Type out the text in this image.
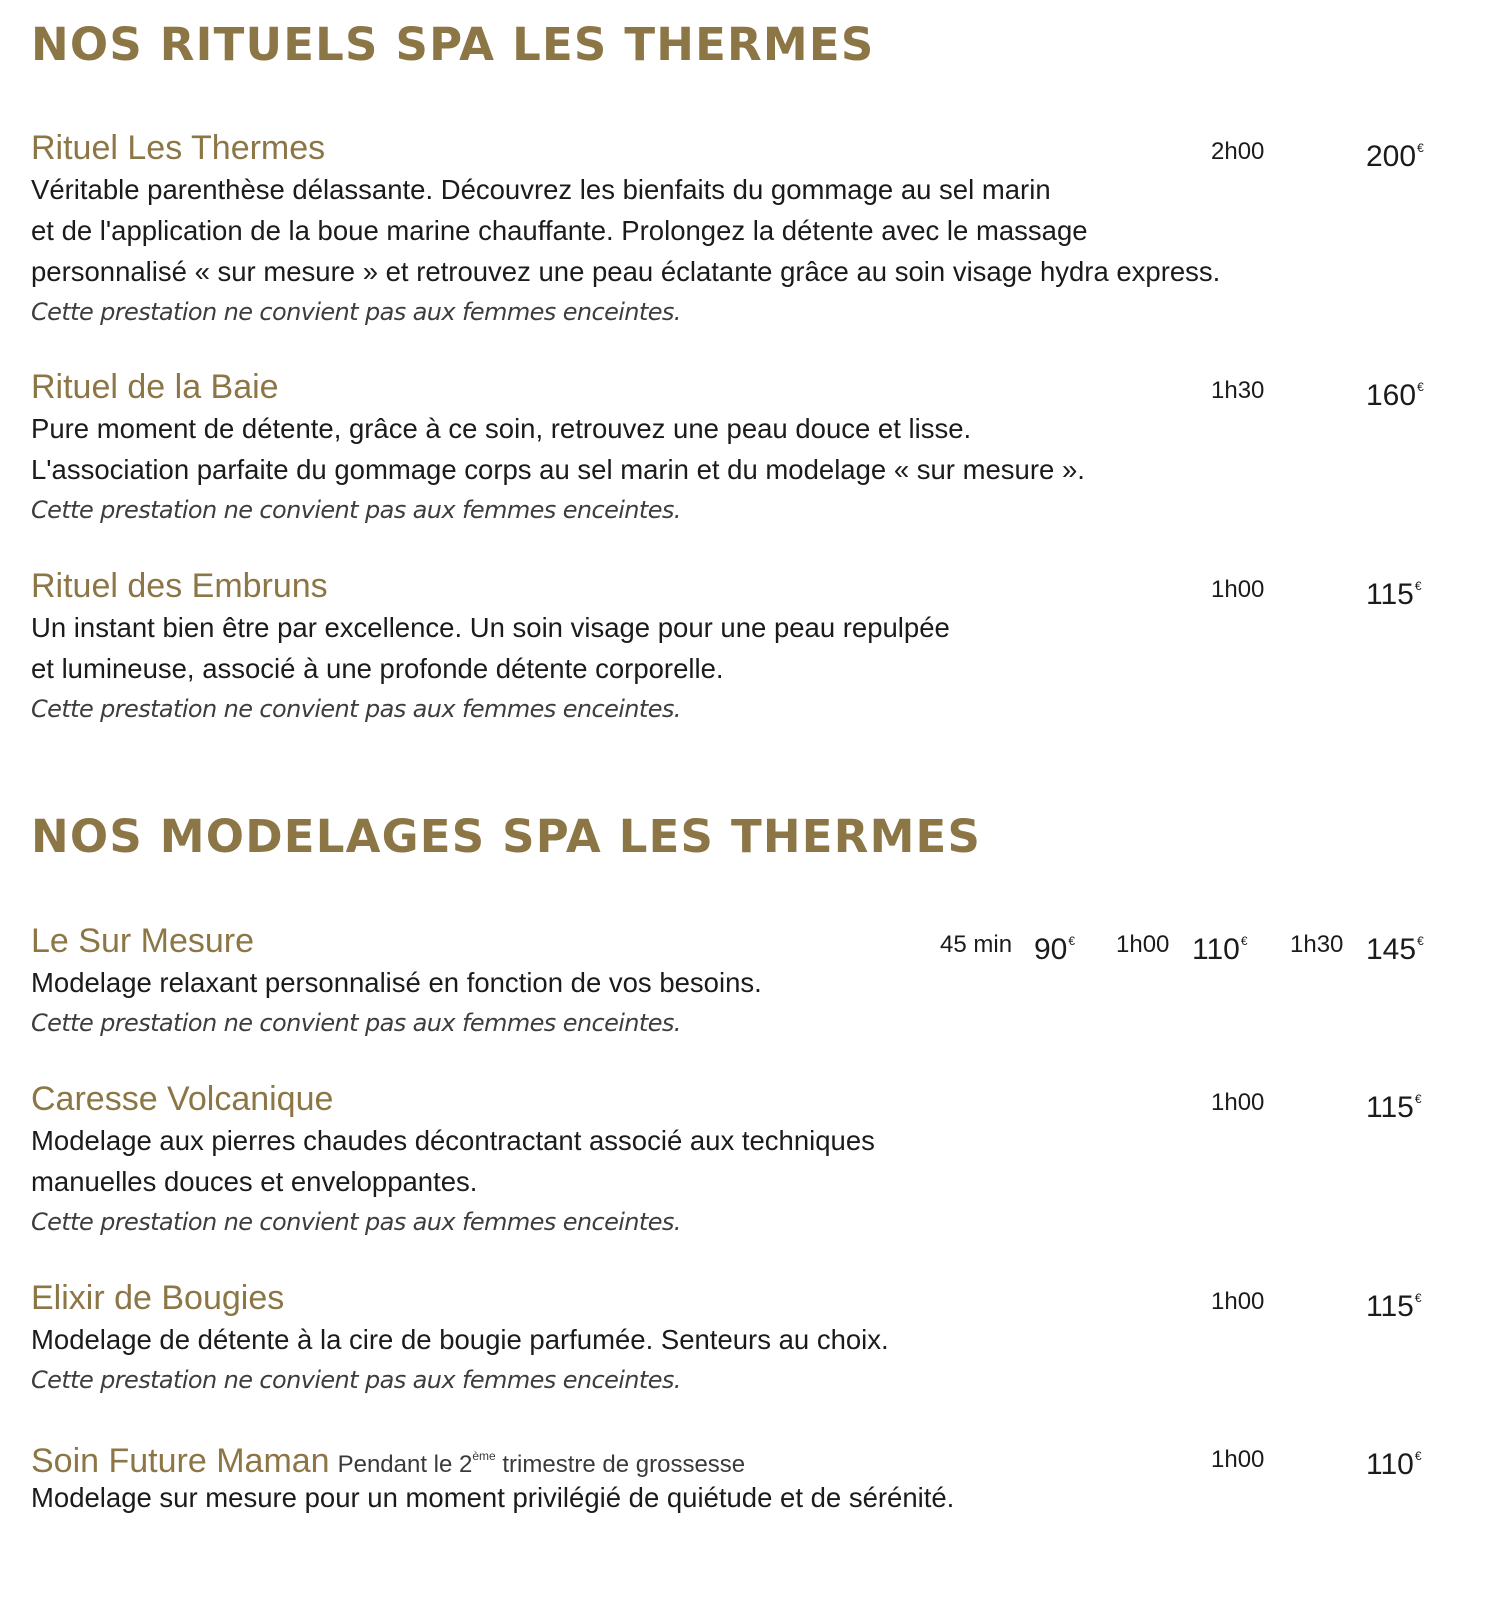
NOS RITUELS SPA LES THERMES
Rituel Les Thermes	2h00	200€

Véritable parenthèse délassante. Découvrez les bienfaits du gommage au sel marin

et de l'application de la boue marine chauffante. Prolongez la détente avec le massage

personnalisé « sur mesure » et retrouvez une peau éclatante grâce au soin visage hydra express.

Cette prestation ne convient pas aux femmes enceintes.

Rituel de la Baie	1h30	160€

Pure moment de détente, grâce à ce soin, retrouvez une peau douce et lisse.

L'association parfaite du gommage corps au sel marin et du modelage « sur mesure ».

Cette prestation ne convient pas aux femmes enceintes.

Rituel des Embruns	1h00	115€

Un instant bien être par excellence. Un soin visage pour une peau repulpée

et lumineuse, associé à une profonde détente corporelle.

Cette prestation ne convient pas aux femmes enceintes.

NOS MODELAGES SPA LES THERMES
Le Sur Mesure	45 min 90€ 1h00 110€ 1h30 145€

Modelage relaxant personnalisé en fonction de vos besoins.

Cette prestation ne convient pas aux femmes enceintes.

Caresse Volcanique	1h00	115€

Modelage aux pierres chaudes décontractant associé aux techniques

manuelles douces et enveloppantes.

Cette prestation ne convient pas aux femmes enceintes.

Elixir de Bougies	1h00	115€

Modelage de détente à la cire de bougie parfumée. Senteurs au choix.

Cette prestation ne convient pas aux femmes enceintes.

Soin Future Maman Pendant le 2ème trimestre de grossesse	1h00	110€

Modelage sur mesure pour un moment privilégié de quiétude et de sérénité.
